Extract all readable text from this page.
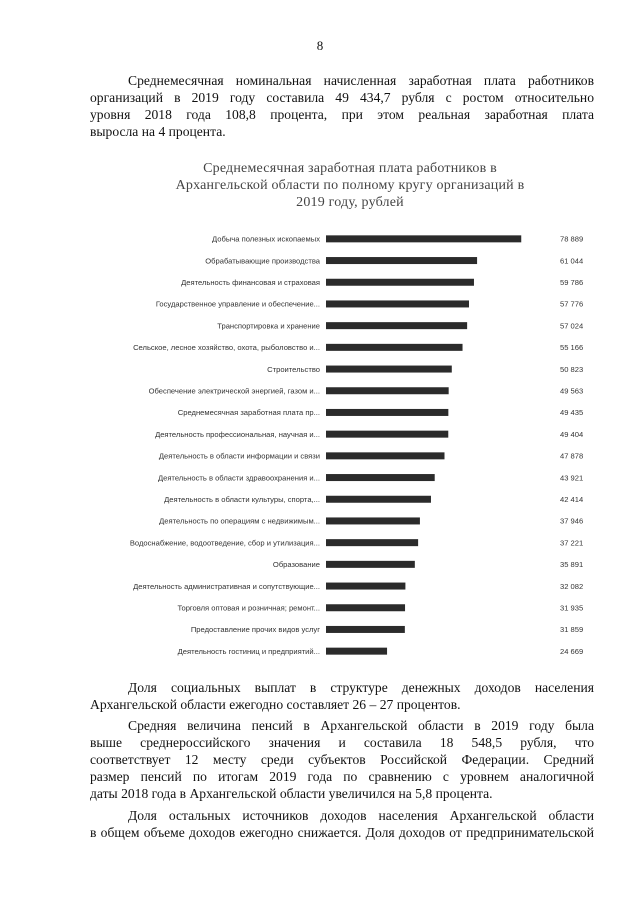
8
Среднемесячная номинальная начисленная заработная плата работников
организаций в 2019 году составила 49 434,7 рубля с ростом относительно
уровня 2018 года 108,8 процента, при этом реальная заработная плата
выросла на 4 процента.
Среднемесячная заработная плата работников в
Архангельской области по полному кругу организаций в
2019 году, рублей
Добыча полезных ископаемых	78 889
Обрабатывающие производства	61 044
Деятельность финансовая и страховая	59 786
Государственное управление и обеспечение...	57 776
Транспортировка и хранение	57 024
Сельское, лесное хозяйство, охота, рыболовство и...	55 166
Строительство	50 823
Обеспечение электрической энергией, газом и...	49 563
Среднемесячная заработная плата пр...	49 435
Деятельность профессиональная, научная и...	49 404
Деятельность в области информации и связи	47 878
Деятельность в области здравоохранения и...	43 921
Деятельность в области культуры, спорта,...	42 414
Деятельность по операциям с недвижимым...	37 946
Водоснабжение, водоотведение, сбор и утилизация...	37 221
Образование	35 891
Деятельность административная и сопутствующие...	32 082
Торговля оптовая и розничная; ремонт...	31 935
Предоставление прочих видов услуг	31 859
Деятельность гостиниц и предприятий...	24 669
Доля социальных выплат в структуре денежных доходов населения
Архангельской области ежегодно составляет 26 – 27 процентов.
Средняя величина пенсий в Архангельской области в 2019 году была
выше среднероссийского значения и составила 18 548,5 рубля, что
соответствует 12 месту среди субъектов Российской Федерации. Средний
размер пенсий по итогам 2019 года по сравнению с уровнем аналогичной
даты 2018 года в Архангельской области увеличился на 5,8 процента.
Доля остальных источников доходов населения Архангельской области
в общем объеме доходов ежегодно снижается. Доля доходов от предпринимательской
